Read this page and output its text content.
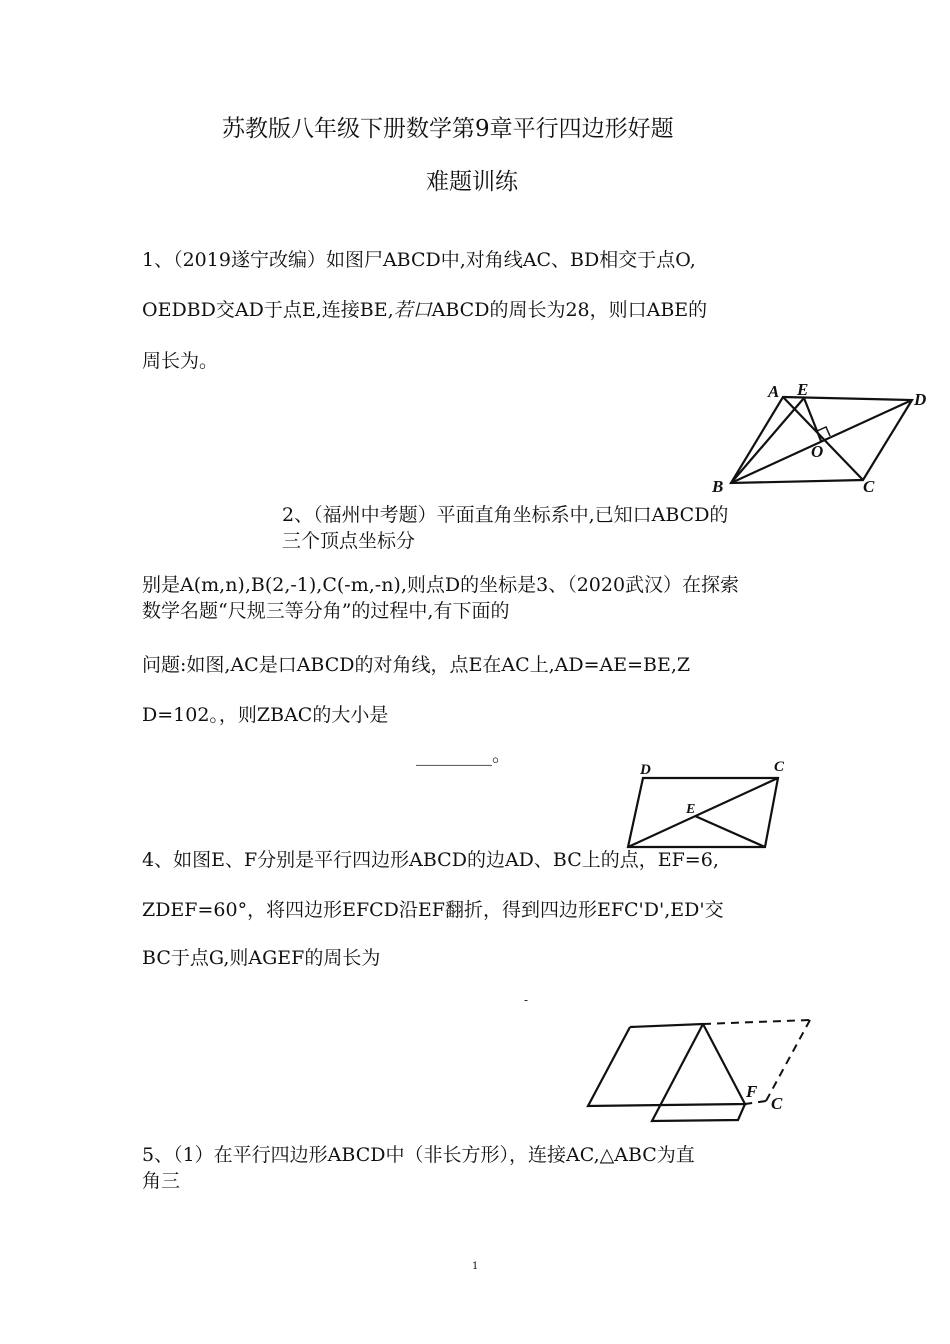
苏教版八年级下册数学第9章平行四边形好题
难题训练
1、（2019遂宁改编）如图尸ABCD中,对角线AC、BD相交于点O,
OEDBD交AD于点E,连接BE,若口ABCD的周长为28，则口ABE的
周长为。
A E
D
O
B	C
2、（福州中考题）平面直角坐标系中,已知口ABCD的
三个顶点坐标分
别是A(m,n),B(2,-1),C(-m,-n),则点D的坐标是3、（2020武汉）在探索
数学名题“尺规三等分角”的过程中,有下面的
问题:如图,AC是口ABCD的对角线，点E在AC上,AD=AE=BE,Z
D=102。，则ZBAC的大小是
________。
D	C
E
4、如图E、F分别是平行四边形ABCD的边AD、BC上的点，EF=6,
ZDEF=60°，将四边形EFCD沿EF翻折，得到四边形EFC'D',ED'交
BC于点G,则AGEF的周长为
-
F
C
5、（1）在平行四边形ABCD中（非长方形），连接AC,△ABC为直
角三
1
